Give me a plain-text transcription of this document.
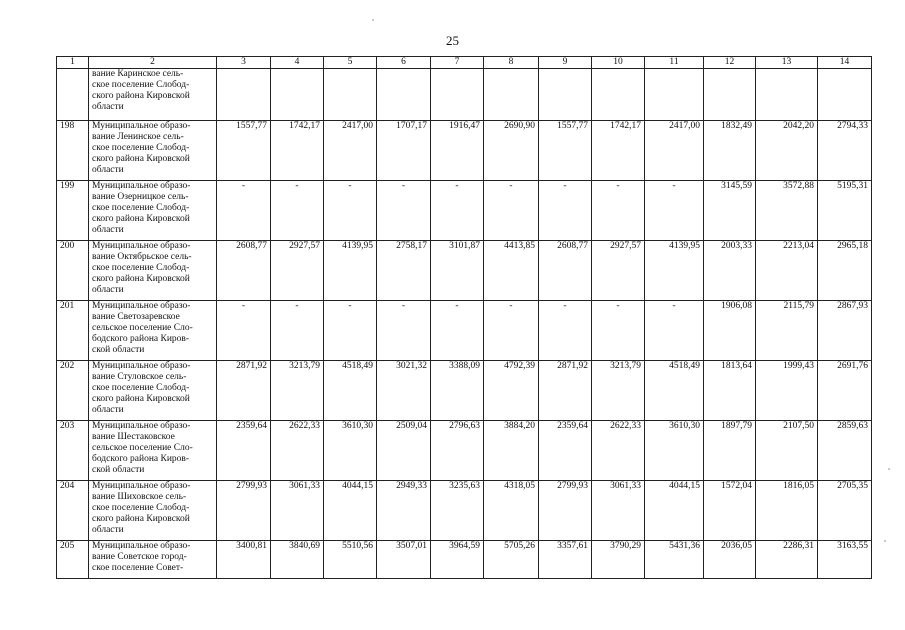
25
1	2	3	4	5	6	7	8	9	10	11	12	13	14
	вание Каринское сель-
ское поселение Слобод-
ского района Кировской
области												
198	Муниципальное образо-
вание Ленинское сель-
ское поселение Слобод-
ского района Кировской
области	1557,77	1742,17	2417,00	1707,17	1916,47	2690,90	1557,77	1742,17	2417,00	1832,49	2042,20	2794,33
199	Муниципальное образо-
вание Озерницкое сель-
ское поселение Слобод-
ского района Кировской
области	-	-	-	-	-	-	-	-	-	3145,59	3572,88	5195,31
200	Муниципальное образо-
вание Октябрьское сель-
ское поселение Слобод-
ского района Кировской
области	2608,77	2927,57	4139,95	2758,17	3101,87	4413,85	2608,77	2927,57	4139,95	2003,33	2213,04	2965,18
201	Муниципальное образо-
вание Светозаревское
сельское поселение Сло-
бодского района Киров-
ской области	-	-	-	-	-	-	-	-	-	1906,08	2115,79	2867,93
202	Муниципальное образо-
вание Стуловское сель-
ское поселение Слобод-
ского района Кировской
области	2871,92	3213,79	4518,49	3021,32	3388,09	4792,39	2871,92	3213,79	4518,49	1813,64	1999,43	2691,76
203	Муниципальное образо-
вание Шестаковское
сельское поселение Сло-
бодского района Киров-
ской области	2359,64	2622,33	3610,30	2509,04	2796,63	3884,20	2359,64	2622,33	3610,30	1897,79	2107,50	2859,63
204	Муниципальное образо-
вание Шиховское сель-
ское поселение Слобод-
ского района Кировской
области	2799,93	3061,33	4044,15	2949,33	3235,63	4318,05	2799,93	3061,33	4044,15	1572,04	1816,05	2705,35
205	Муниципальное образо-
вание Советское город-
ское поселение Совет-	3400,81	3840,69	5510,56	3507,01	3964,59	5705,26	3357,61	3790,29	5431,36	2036,05	2286,31	3163,55
